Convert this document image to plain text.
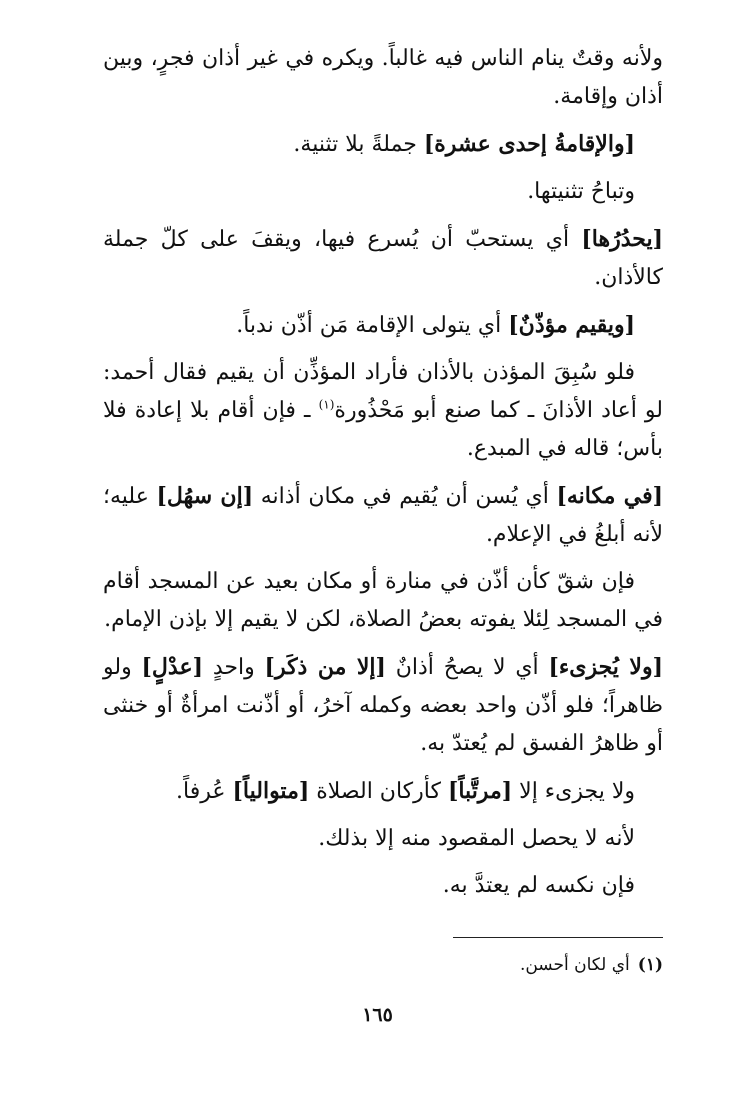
ولأنه وقتٌ ينام الناس فيه غالباً. ويكره في غير أذان فجرٍ، وبين أذان وإقامة.

[والإقامةُ إحدى عشرة] جملةً بلا تثنية.

وتباحُ تثنيتها.

[يحدُرُها] أي يستحبّ أن يُسرع فيها، ويقفَ على كلّ جملة كالأذان.

[ويقيم مؤذّنٌ] أي يتولى الإقامة مَن أذّن ندباً.

فلو سُبِقَ المؤذن بالأذان فأراد المؤذِّن أن يقيم فقال أحمد: لو أعاد الأذانَ ـ كما صنع أبو مَحْذُورة$^{(١)}$ ـ فإن أقام بلا إعادة فلا بأس؛ قاله في المبدع.

[في مكانه] أي يُسن أن يُقيم في مكان أذانه [إن سهُل] عليه؛ لأنه أبلغُ في الإعلام.

فإن شقّ كأن أذّن في منارة أو مكان بعيد عن المسجد أقام في المسجد لِئلا يفوته بعضُ الصلاة، لكن لا يقيم إلا بإذن الإمام.

[ولا يُجزىء] أي لا يصحُ أذانٌ [إلا من ذكَر] واحدٍ [عدْلٍ] ولو ظاهراً؛ فلو أذّن واحد بعضه وكمله آخرُ، أو أذّنت امرأةٌ أو خنثى أو ظاهرُ الفسق لم يُعتدّ به.

ولا يجزىء إلا [مرتَّباً] كأركان الصلاة [متوالياً] عُرفاً.

لأنه لا يحصل المقصود منه إلا بذلك.

فإن نكسه لم يعتدَّ به.

(١)أي لكان أحسن.
١٦٥
